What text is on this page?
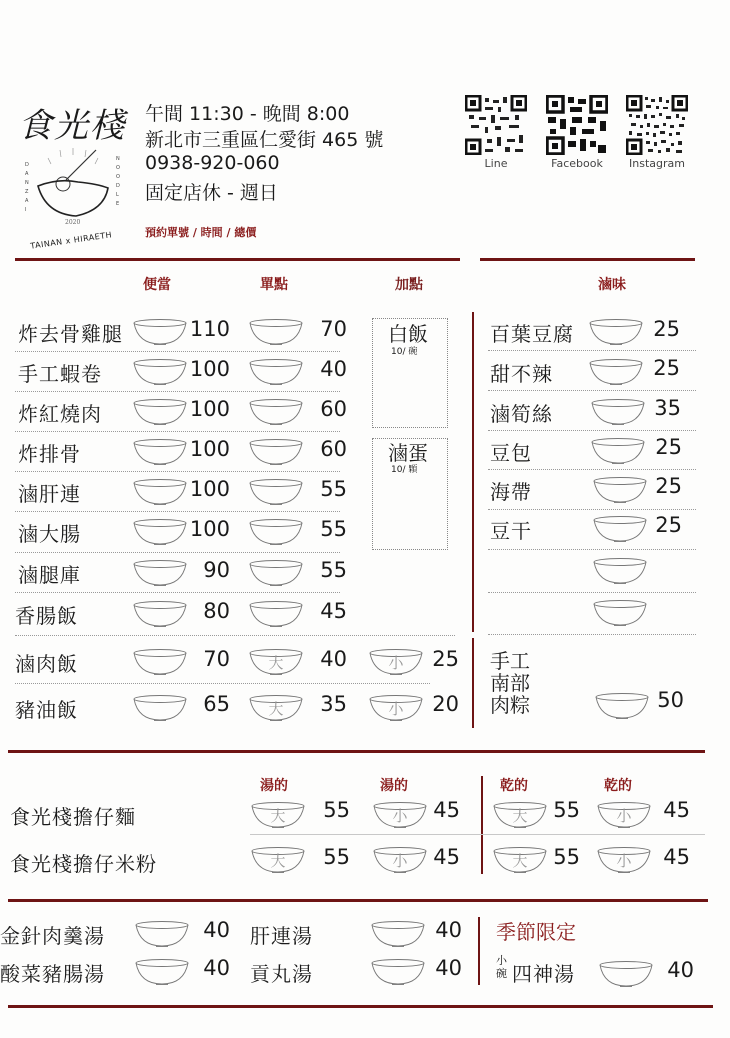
食光棧
D
A
N
Z
A
I
N
O
O
D
L
E
2020
TAINAN x HIRAETH
午間 11:30 - 晚間 8:00
新北市三重區仁愛街 465 號
0938-920-060
固定店休 - 週日
預約單號 / 時間 / 總價
Line	Facebook	Instagram
便當	單點	加點	滷味
炸去骨雞腿	110	70
手工蝦卷	100	40
炸紅燒肉	100	60
炸排骨	100	60
滷肝連	100	55
滷大腸	100	55
滷腿庫	90	55
香腸飯	80	45
滷肉飯	70	大	40	小	25
豬油飯	65	大	35	小	20
白飯
10/ 碗
滷蛋
10/ 顆
百葉豆腐	25
甜不辣	25
滷筍絲	35
豆包	25
海帶	25
豆干	25
手工
南部
肉粽	50
湯的	湯的	乾的	乾的
食光棧擔仔麵	大	55	小	45	大	55	小	45
食光棧擔仔米粉	大	55	小	45	大	55	小	45
金針肉羹湯	40 肝連湯	40
酸菜豬腸湯	40 貢丸湯	40
季節限定
小
碗 四神湯	40
